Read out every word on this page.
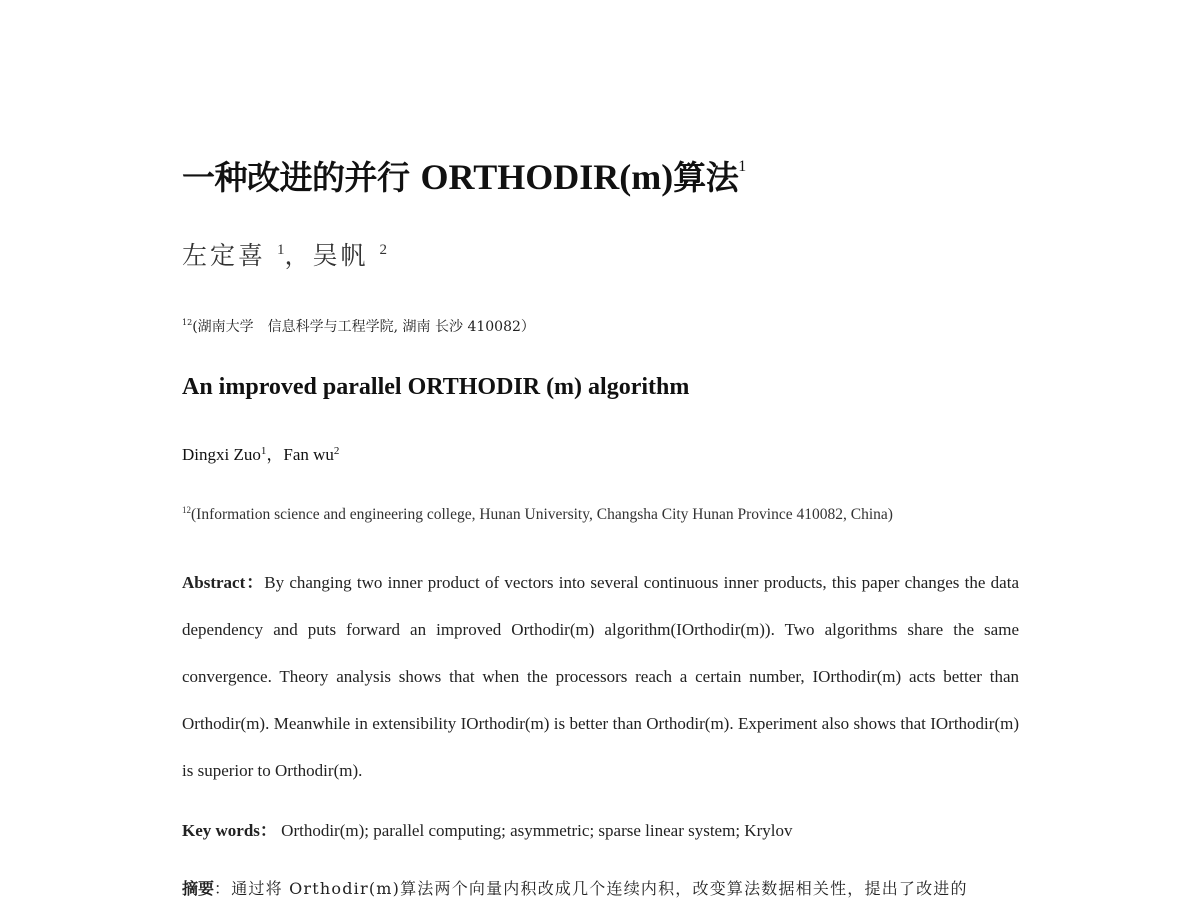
一种改进的并行 ORTHODIR(m)算法$^1$
左定喜 $^1$，吴帆 $^2$
$^{12}$(湖南大学　信息科学与工程学院, 湖南 长沙 410082）
An improved parallel ORTHODIR (m) algorithm
Dingxi Zuo$^1$，Fan $wu^2$
$^{12}$(Information science and engineering college, Hunan University, Changsha City Hunan Province 410082, China)
Abstract：By changing two inner product of vectors into several continuous inner products, this paper changes the data dependency and puts forward an improved Orthodir(m) algorithm(IOrthodir(m)). Two algorithms share the same convergence. Theory analysis shows that when the processors reach a certain number, IOrthodir(m) acts better than Orthodir(m). Meanwhile in extensibility IOrthodir(m) is better than Orthodir(m). Experiment also shows that IOrthodir(m) is superior to Orthodir(m).
Key words： Orthodir(m); parallel computing; asymmetric; sparse linear system; Krylov
摘要：通过将 Orthodir(m)算法两个向量内积改成几个连续内积，改变算法数据相关性，提出了改进的
